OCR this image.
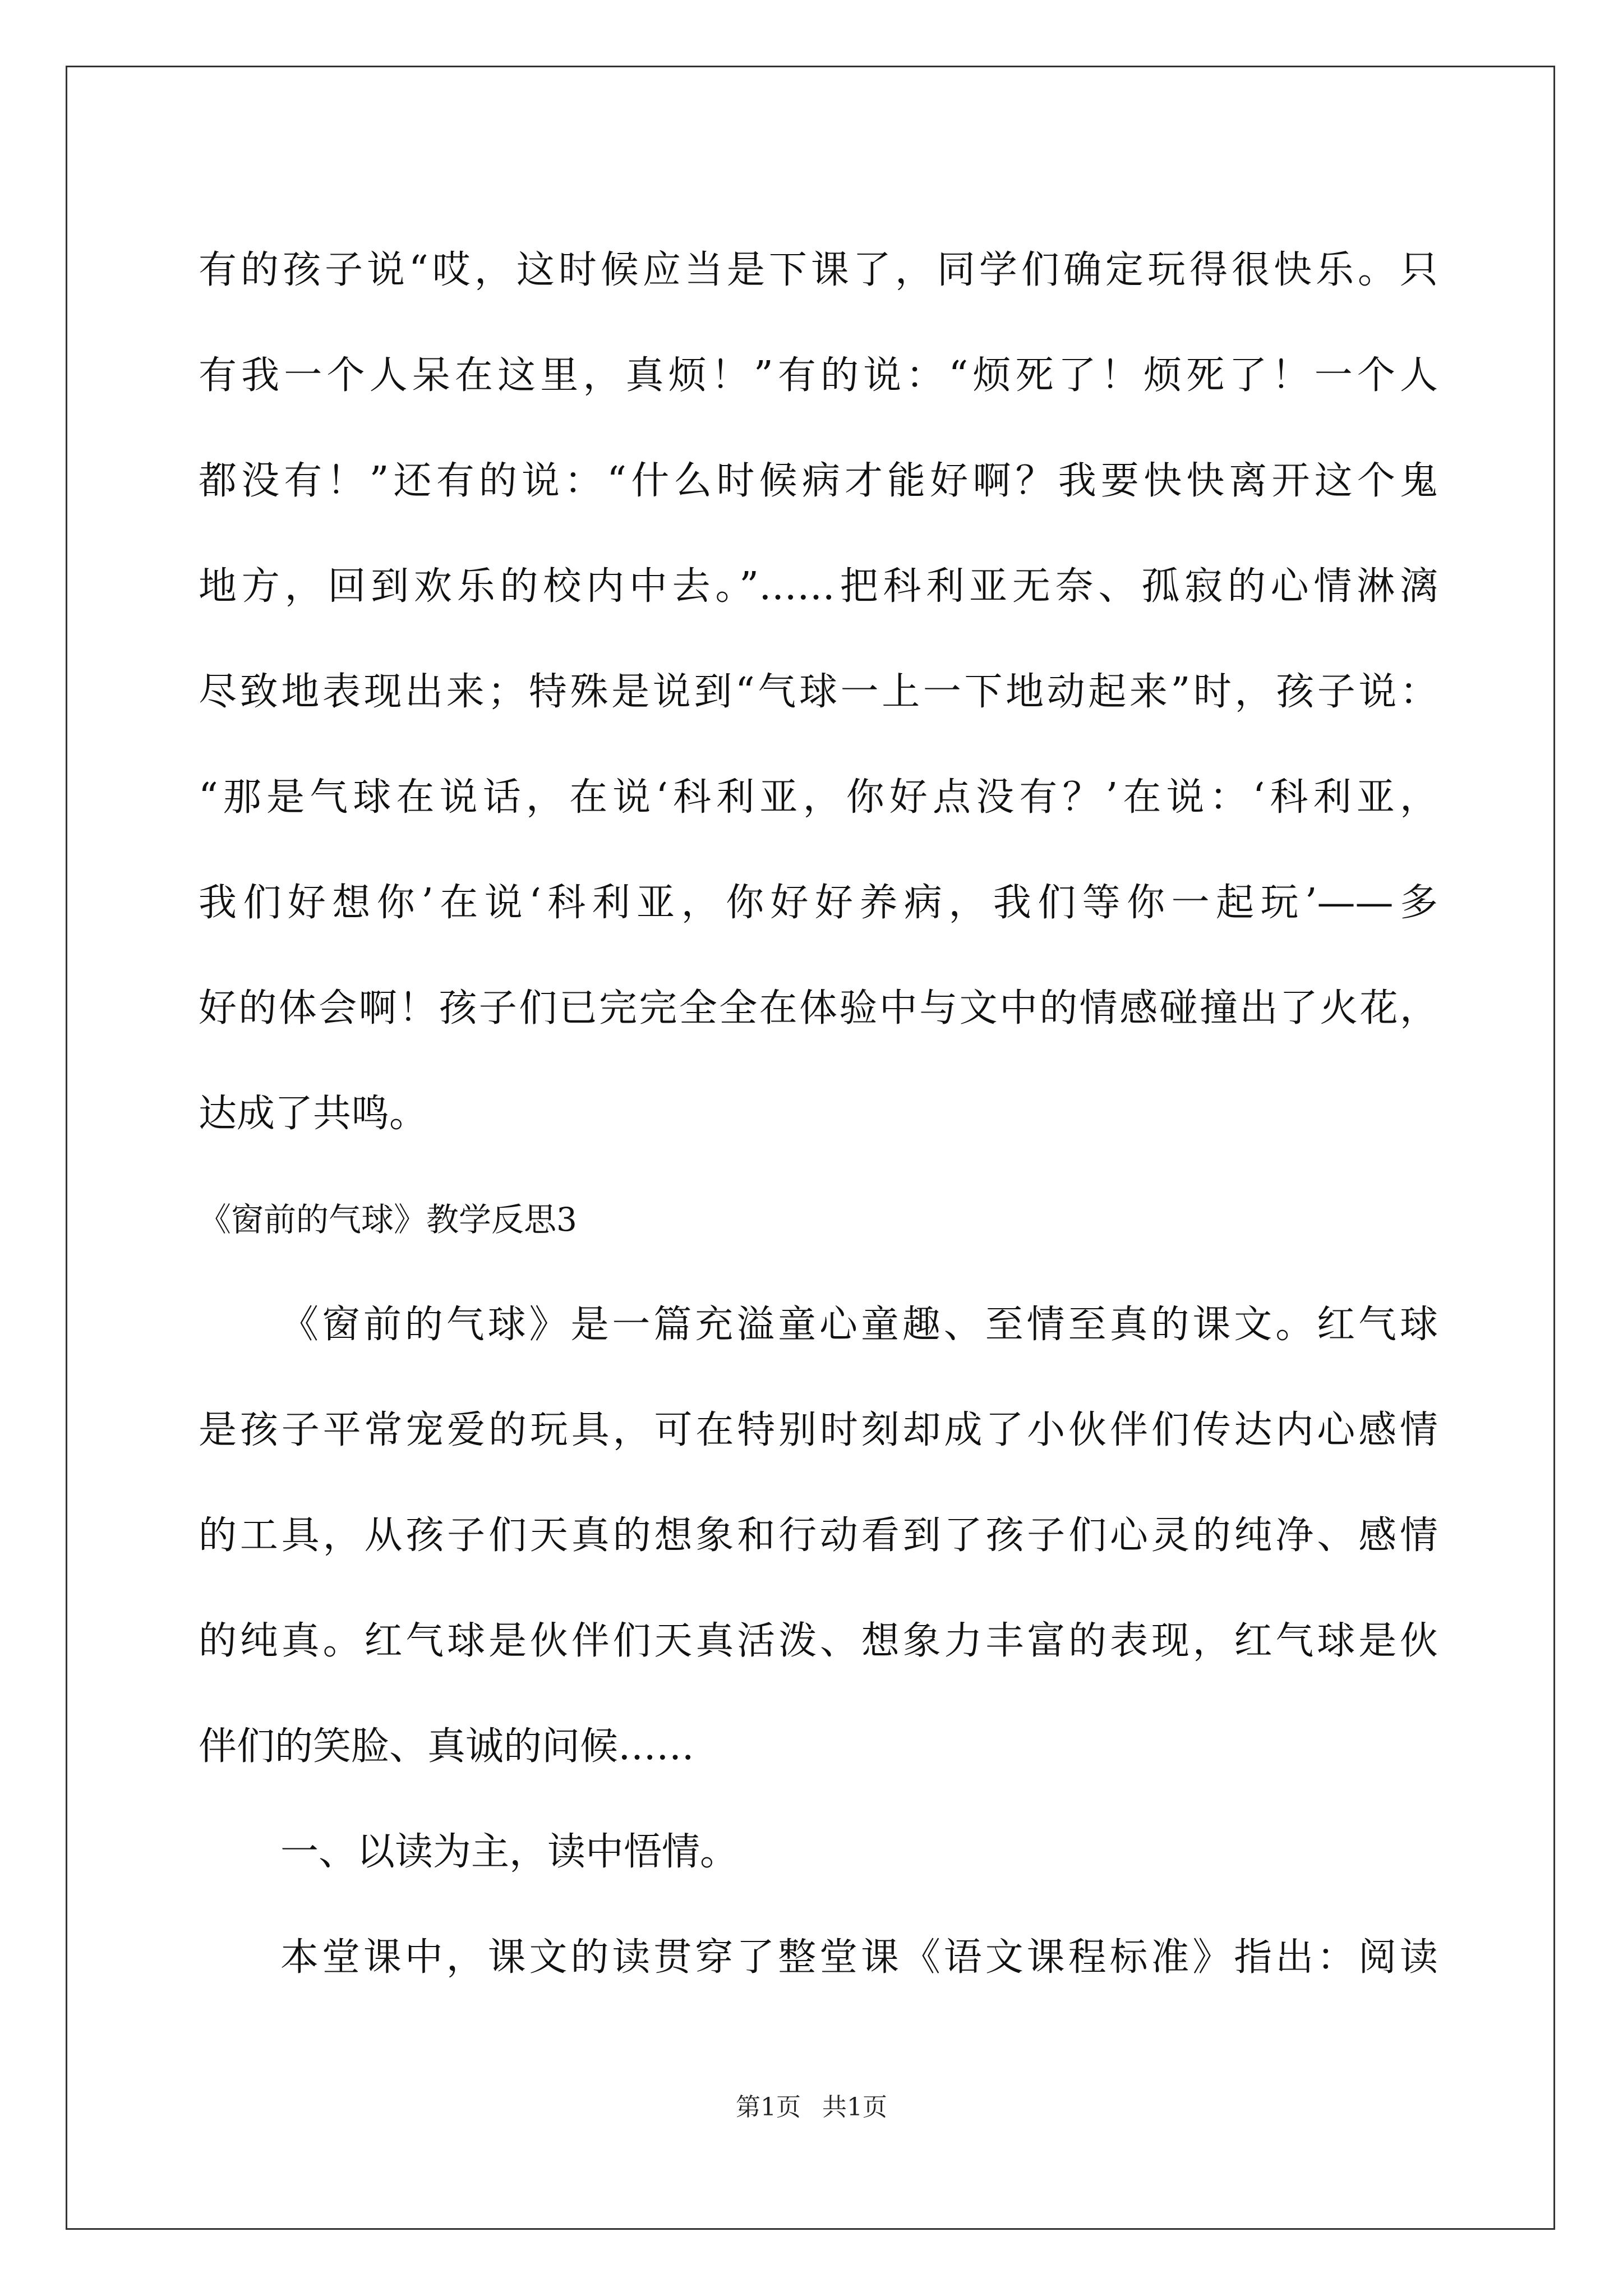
有的孩子说“哎，这时候应当是下课了，同学们确定玩得很快乐。只
有我一个人呆在这里，真烦！”有的说：“烦死了！烦死了！一个人
都没有！”还有的说：“什么时候病才能好啊？我要快快离开这个鬼
地方，回到欢乐的校内中去。”……把科利亚无奈、孤寂的心情淋漓
尽致地表现出来；特殊是说到“气球一上一下地动起来”时，孩子说：
“那是气球在说话，在说‘科利亚，你好点没有？’在说：‘科利亚，
我们好想你’在说‘科利亚，你好好养病，我们等你一起玩’——多
好的体会啊！孩子们已完完全全在体验中与文中的情感碰撞出了火花，
达成了共鸣。
《窗前的气球》教学反思3
《窗前的气球》是一篇充溢童心童趣、至情至真的课文。红气球
是孩子平常宠爱的玩具，可在特别时刻却成了小伙伴们传达内心感情
的工具，从孩子们天真的想象和行动看到了孩子们心灵的纯净、感情
的纯真。红气球是伙伴们天真活泼、想象力丰富的表现，红气球是伙
伴们的笑脸、真诚的问候……
一、以读为主，读中悟情。
本堂课中，课文的读贯穿了整堂课《语文课程标准》指出：阅读
第1页 共1页
